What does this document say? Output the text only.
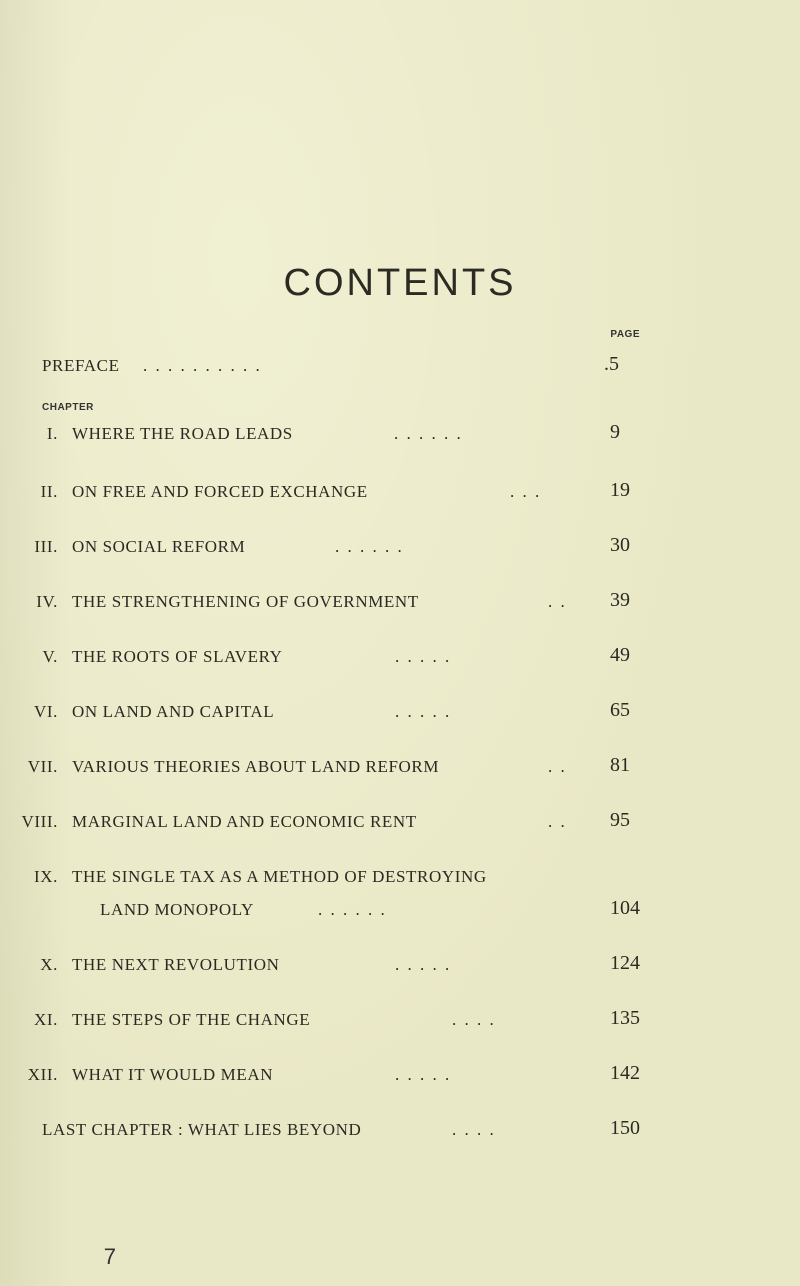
CONTENTS
PAGE
PREFACE . . . . . . . . . .	.5
CHAPTER
I. WHERE THE ROAD LEADS	. . . . . .	9
II. ON FREE AND FORCED EXCHANGE	. . .	19
III. ON SOCIAL REFORM	. . . . . .	30
IV. THE STRENGTHENING OF GOVERNMENT	. . 39
V. THE ROOTS OF SLAVERY	. . . . .	49
VI. ON LAND AND CAPITAL	. . . . .	65
VII. VARIOUS THEORIES ABOUT LAND REFORM	. . 81
VIII. MARGINAL LAND AND ECONOMIC RENT	. . 95
IX. THE SINGLE TAX AS A METHOD OF DESTROYING
LAND MONOPOLY	. . . . . .	104
X. THE NEXT REVOLUTION	. . . . .	124
XI. THE STEPS OF THE CHANGE	. . . .	135
XII. WHAT IT WOULD MEAN	. . . . .	142
LAST CHAPTER : WHAT LIES BEYOND	. . . .	150
7
